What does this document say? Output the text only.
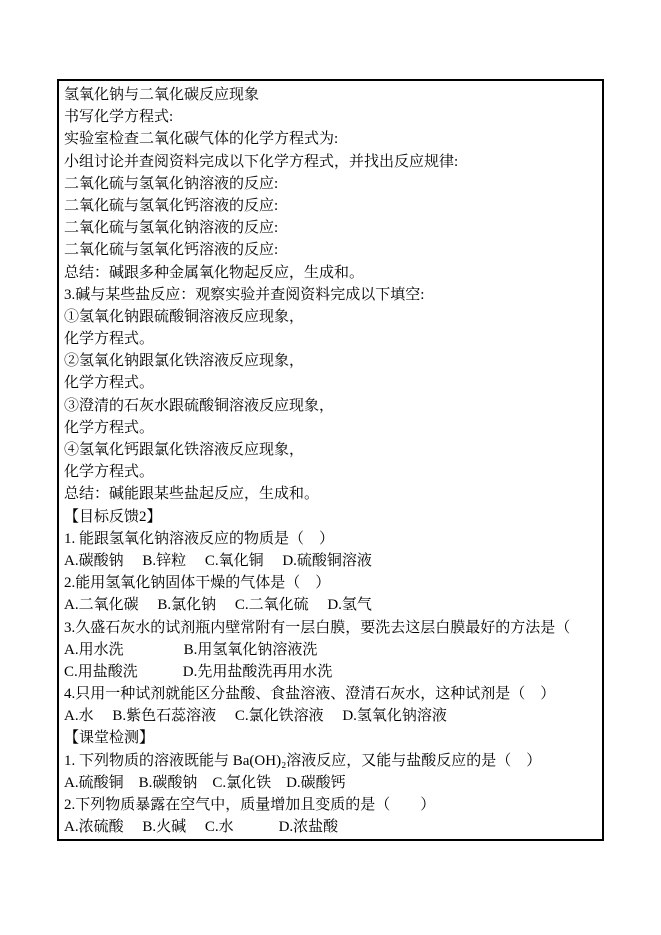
氢氧化钠与二氧化碳反应现象
书写化学方程式:
实验室检查二氧化碳气体的化学方程式为:
小组讨论并查阅资料完成以下化学方程式，并找出反应规律:
二氧化硫与氢氧化钠溶液的反应:
二氧化硫与氢氧化钙溶液的反应:
二氧化硫与氢氧化钠溶液的反应:
二氧化硫与氢氧化钙溶液的反应:
总结：碱跟多种金属氧化物起反应，生成和。
3.碱与某些盐反应：观察实验并查阅资料完成以下填空:
①氢氧化钠跟硫酸铜溶液反应现象，
化学方程式。
②氢氧化钠跟氯化铁溶液反应现象，
化学方程式。
③澄清的石灰水跟硫酸铜溶液反应现象，
化学方程式。
④氢氧化钙跟氯化铁溶液反应现象，
化学方程式。
总结：碱能跟某些盐起反应，生成和。
【目标反馈2】
1. 能跟氢氧化钠溶液反应的物质是（　）
A.碳酸钠　 B.锌粒　 C.氧化铜　 D.硫酸铜溶液
2.能用氢氧化钠固体干燥的气体是（　）
A.二氧化碳　 B.氯化钠　 C.二氧化硫　 D.氢气
3.久盛石灰水的试剂瓶内壁常附有一层白膜，要洗去这层白膜最好的方法是（
A.用水洗　　　　B.用氢氧化钠溶液洗
C.用盐酸洗　　　D.先用盐酸洗再用水洗
4.只用一种试剂就能区分盐酸、食盐溶液、澄清石灰水，这种试剂是（　）
A.水　 B.紫色石蕊溶液　 C.氯化铁溶液　 D.氢氧化钠溶液
【课堂检测】
1. 下列物质的溶液既能与 Ba(OH)₂溶液反应，又能与盐酸反应的是（　）
A.硫酸铜　B.碳酸钠　C.氯化铁　D.碳酸钙
2.下列物质暴露在空气中，质量增加且变质的是（　　）
A.浓硫酸　 B.火碱　 C.水　　　D.浓盐酸
